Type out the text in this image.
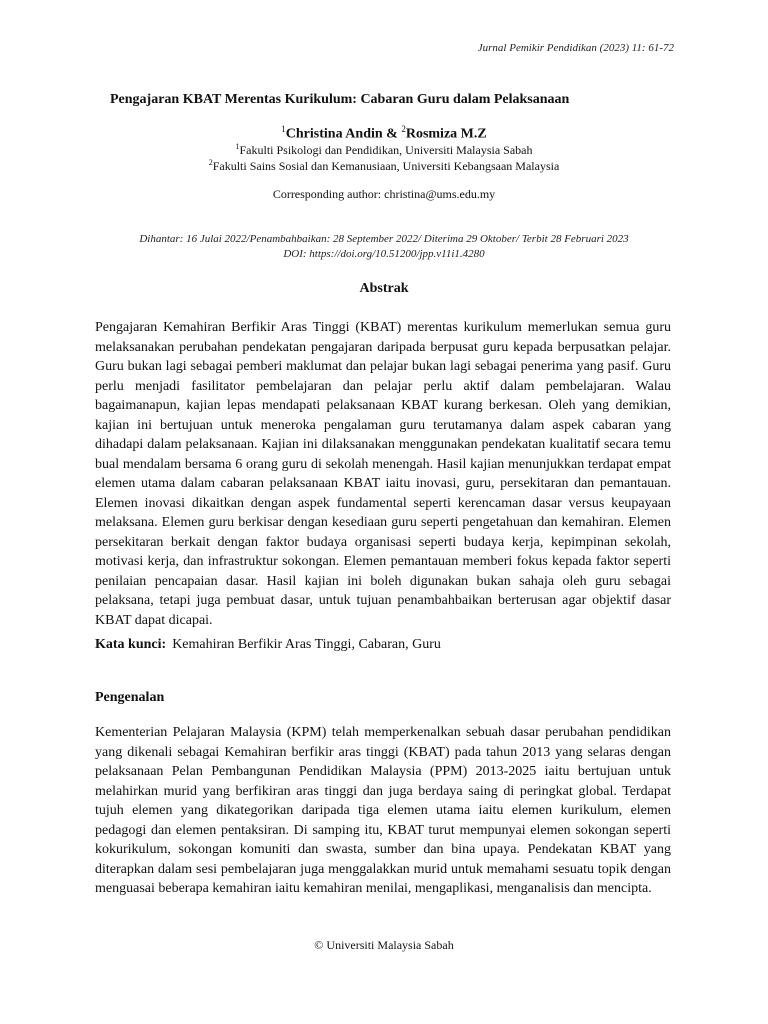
Jurnal Pemikir Pendidikan (2023) 11: 61-72
Pengajaran KBAT Merentas Kurikulum: Cabaran Guru dalam Pelaksanaan
$^1$Christina Andin & $^2$Rosmiza M.Z
$^1$Fakulti Psikologi dan Pendidikan, Universiti Malaysia Sabah
$^2$Fakulti Sains Sosial dan Kemanusiaan, Universiti Kebangsaan Malaysia
Corresponding author: christina@ums.edu.my
Dihantar: 16 Julai 2022/Penambahbaikan: 28 September 2022/ Diterima 29 Oktober/ Terbit 28 Februari 2023
DOI: https://doi.org/10.51200/jpp.v11i1.4280
Abstrak

Pengajaran Kemahiran Berfikir Aras Tinggi (KBAT) merentas kurikulum memerlukan semua guru melaksanakan perubahan pendekatan pengajaran daripada berpusat guru kepada berpusatkan pelajar. Guru bukan lagi sebagai pemberi maklumat dan pelajar bukan lagi sebagai penerima yang pasif. Guru perlu menjadi fasilitator pembelajaran dan pelajar perlu aktif dalam pembelajaran. Walau bagaimanapun, kajian lepas mendapati pelaksanaan KBAT kurang berkesan. Oleh yang demikian, kajian ini bertujuan untuk meneroka pengalaman guru terutamanya dalam aspek cabaran yang dihadapi dalam pelaksanaan. Kajian ini dilaksanakan menggunakan pendekatan kualitatif secara temu bual mendalam bersama 6 orang guru di sekolah menengah. Hasil kajian menunjukkan terdapat empat elemen utama dalam cabaran pelaksanaan KBAT iaitu inovasi, guru, persekitaran dan pemantauan. Elemen inovasi dikaitkan dengan aspek fundamental seperti kerencaman dasar versus keupayaan melaksana. Elemen guru berkisar dengan kesediaan guru seperti pengetahuan dan kemahiran. Elemen persekitaran berkait dengan faktor budaya organisasi seperti budaya kerja, kepimpinan sekolah, motivasi kerja, dan infrastruktur sokongan. Elemen pemantauan memberi fokus kepada faktor seperti penilaian pencapaian dasar. Hasil kajian ini boleh digunakan bukan sahaja oleh guru sebagai pelaksana, tetapi juga pembuat dasar, untuk tujuan penambahbaikan berterusan agar objektif dasar KBAT dapat dicapai.

Kata kunci: Kemahiran Berfikir Aras Tinggi, Cabaran, Guru
Pengenalan

Kementerian Pelajaran Malaysia (KPM) telah memperkenalkan sebuah dasar perubahan pendidikan yang dikenali sebagai Kemahiran berfikir aras tinggi (KBAT) pada tahun 2013 yang selaras dengan pelaksanaan Pelan Pembangunan Pendidikan Malaysia (PPM) 2013-2025 iaitu bertujuan untuk melahirkan murid yang berfikiran aras tinggi dan juga berdaya saing di peringkat global. Terdapat tujuh elemen yang dikategorikan daripada tiga elemen utama iaitu elemen kurikulum, elemen pedagogi dan elemen pentaksiran. Di samping itu, KBAT turut mempunyai elemen sokongan seperti kokurikulum, sokongan komuniti dan swasta, sumber dan bina upaya. Pendekatan KBAT yang diterapkan dalam sesi pembelajaran juga menggalakkan murid untuk memahami sesuatu topik dengan menguasai beberapa kemahiran iaitu kemahiran menilai, mengaplikasi, menganalisis dan mencipta.

© Universiti Malaysia Sabah
